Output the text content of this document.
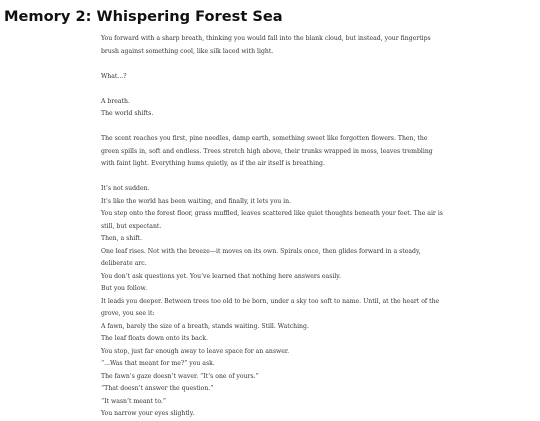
Memory 2: Whispering Forest Sea

You forward with a sharp breath, thinking you would fall into the blank cloud, but instead, your fingertips brush against something cool, like silk laced with light.

What...?

A breath.

The world shifts.

The scent reaches you first, pine needles, damp earth, something sweet like forgotten flowers. Then, the green spills in, soft and endless. Trees stretch high above, their trunks wrapped in moss, leaves trembling with faint light. Everything hums quietly, as if the air itself is breathing.

It’s not sudden.

It’s like the world has been waiting, and finally, it lets you in.

You step onto the forest floor, grass muffled, leaves scattered like quiet thoughts beneath your feet. The air is still, but expectant.

Then, a shift.

One leaf rises. Not with the breeze—it moves on its own. Spirals once, then glides forward in a steady, deliberate arc.

You don’t ask questions yet. You’ve learned that nothing here answers easily.

But you follow.

It leads you deeper. Between trees too old to be born, under a sky too soft to name. Until, at the heart of the grove, you see it:

A fawn, barely the size of a breath, stands waiting. Still. Watching.

The leaf floats down onto its back.

You stop, just far enough away to leave space for an answer.

“...Was that meant for me?” you ask.

The fawn’s gaze doesn’t waver. “It’s one of yours.”

“That doesn’t answer the question.”

“It wasn’t meant to.”

You narrow your eyes slightly.
